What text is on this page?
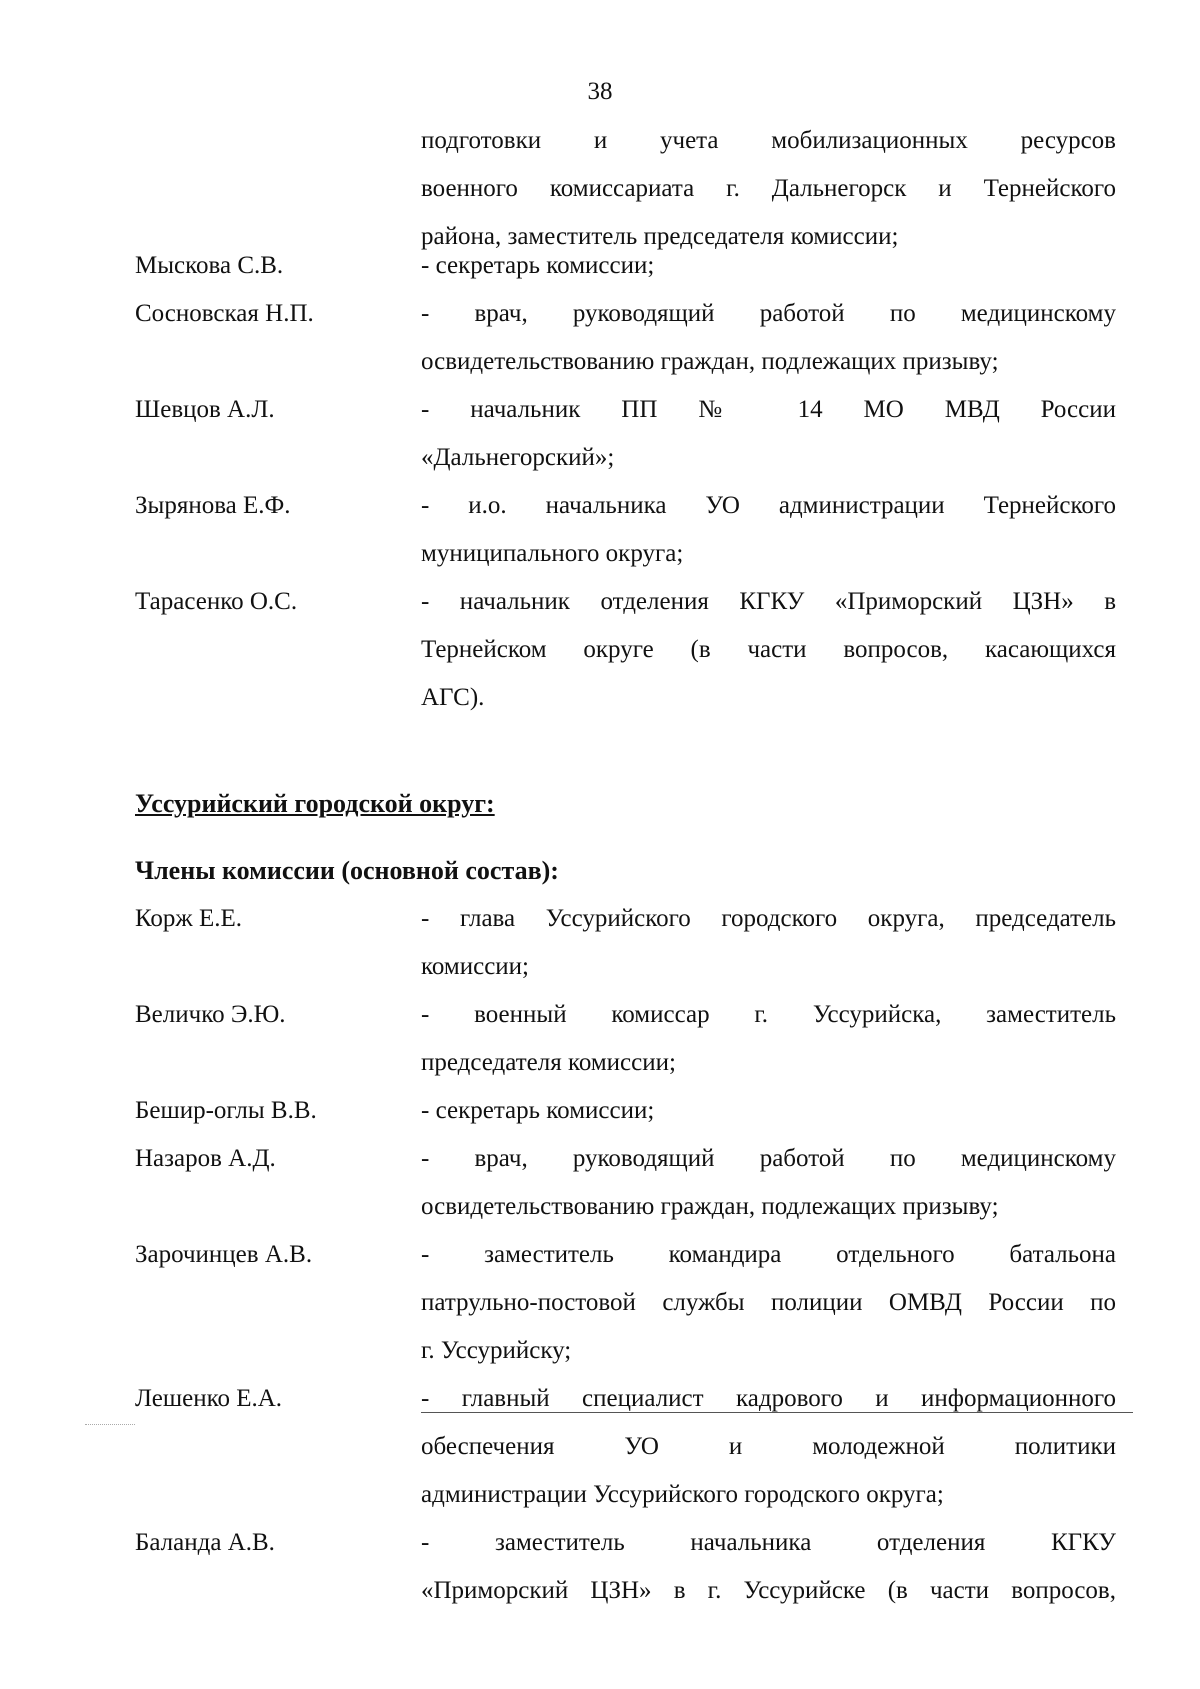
38
подготовки и учета мобилизационных ресурсов
военного комиссариата г. Дальнегорск и Тернейского
района, заместитель председателя комиссии;
Мыскова С.В.	- секретарь комиссии;
Сосновская Н.П.	- врач, руководящий работой по медицинскому
освидетельствованию граждан, подлежащих призыву;
Шевцов А.Л.	- начальник ПП № 14 МО МВД России
«Дальнегорский»;
Зырянова Е.Ф.	- и.о. начальника УО администрации Тернейского
муниципального округа;
Тарасенко О.С.	- начальник отделения КГКУ «Приморский ЦЗН» в
Тернейском округе (в части вопросов, касающихся
АГС).
Уссурийский городской округ:
Члены комиссии (основной состав):
Корж Е.Е.	- глава Уссурийского городского округа, председатель
комиссии;
Величко Э.Ю.	- военный комиссар г. Уссурийска, заместитель
председателя комиссии;
Бешир-оглы В.В.	- секретарь комиссии;
Назаров А.Д.	- врач, руководящий работой по медицинскому
освидетельствованию граждан, подлежащих призыву;
Зарочинцев А.В.	- заместитель командира отдельного батальона
патрульно-постовой службы полиции ОМВД России по
г. Уссурийску;
Лешенко Е.А.	- главный специалист кадрового и информационного
обеспечения УО и молодежной политики
администрации Уссурийского городского округа;
Баланда А.В.	- заместитель начальника отделения КГКУ
«Приморский ЦЗН» в г. Уссурийске (в части вопросов,
